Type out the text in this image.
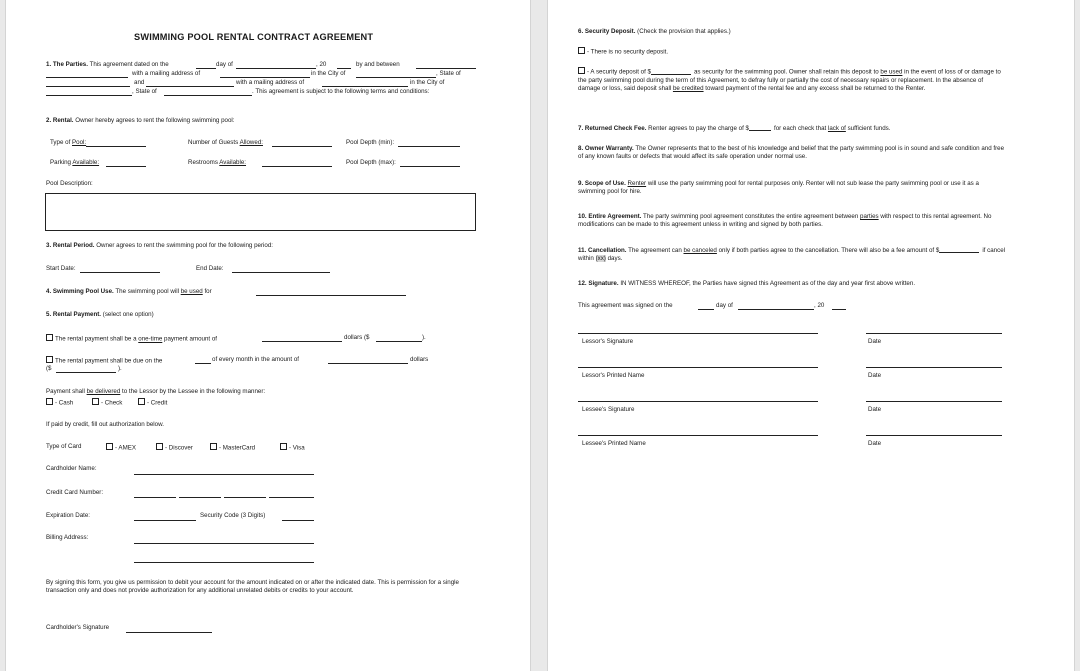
SWIMMING POOL RENTAL CONTRACT AGREEMENT
1. The Parties. This agreement dated on the	day of	, 20	by and between
with a mailing address of	in the City of	, State of
and	with a mailing address of	in the City of
, State of	. This agreement is subject to the following terms and conditions:
2. Rental. Owner hereby agrees to rent the following swimming pool:
Type of Pool:	Number of Guests Allowed:	Pool Depth (min):
Parking Available:	Restrooms Available:	Pool Depth (max):
Pool Description:
3. Rental Period. Owner agrees to rent the swimming pool for the following period:
Start Date:	End Date:
4. Swimming Pool Use. The swimming pool will be used for
5. Rental Payment. (select one option)
The rental payment shall be a one-time payment amount of	dollars ($	).
The rental payment shall be due on the	of every month in the amount of	dollars
($	).
Payment shall be delivered to the Lessor by the Lessee in the following manner:
- Cash	- Check	- Credit
If paid by credit, fill out authorization below.
Type of Card	- AMEX	- Discover	- MasterCard	- Visa
Cardholder Name:
Credit Card Number:
Expiration Date:	Security Code (3 Digits)
Billing Address:
By signing this form, you give us permission to debit your account for the amount indicated on or after the indicated date. This is permission for a single transaction only and does not provide authorization for any additional unrelated debits or credits to your account.
Cardholder's Signature
6. Security Deposit. (Check the provision that applies.)
- There is no security deposit.
- A security deposit of $	as security for the swimming pool. Owner shall retain this deposit to be used in the event of loss of or damage to the party swimming pool during the term of this Agreement, to defray fully or partially the cost of necessary repairs or replacement. In the absence of damage or loss, said deposit shall be credited toward payment of the rental fee and any excess shall be returned to the Renter.
7. Returned Check Fee. Renter agrees to pay the charge of $	for each check that lack of sufficient funds.
8. Owner Warranty. The Owner represents that to the best of his knowledge and belief that the party swimming pool is in sound and safe condition and free of any known faults or defects that would affect its safe operation under normal use.
9. Scope of Use. Renter will use the party swimming pool for rental purposes only. Renter will not sub lease the party swimming pool or use it as a swimming pool for hire.
10. Entire Agreement. The party swimming pool agreement constitutes the entire agreement between parties with respect to this rental agreement. No modifications can be made to this agreement unless in writing and signed by both parties.
11. Cancellation. The agreement can be canceled only if both parties agree to the cancellation. There will also be a fee amount of $	if cancel within (xx) days.
12. Signature. IN WITNESS WHEREOF, the Parties have signed this Agreement as of the day and year first above written.
This agreement was signed on the	day of	, 20
Lessor's Signature	Date
Lessor's Printed Name	Date
Lessee's Signature	Date
Lessee's Printed Name	Date
